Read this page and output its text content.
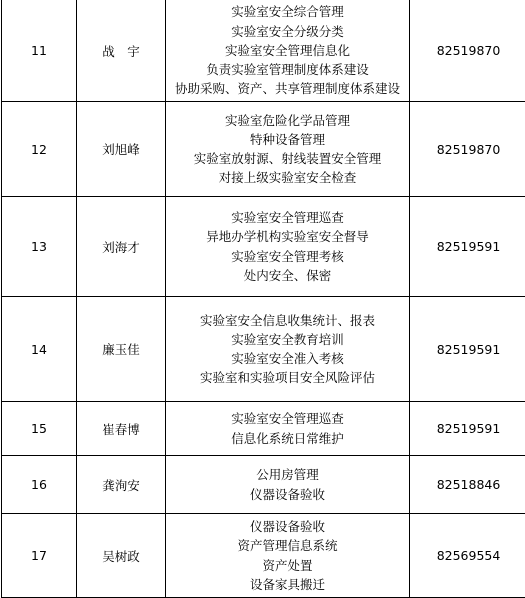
11	战　宇	实验室安全综合管理
实验室安全分级分类
实验室安全管理信息化
负责实验室管理制度体系建设
协助采购、资产、共享管理制度体系建设	82519870
12	刘旭峰	实验室危险化学品管理
特种设备管理
实验室放射源、射线装置安全管理
对接上级实验室安全检查	82519870
13	刘海才	实验室安全管理巡查
异地办学机构实验室安全督导
实验室安全管理考核
处内安全、保密	82519591
14	廉玉佳	实验室安全信息收集统计、报表
实验室安全教育培训
实验室安全准入考核
实验室和实验项目安全风险评估	82519591
15	崔春博	实验室安全管理巡查
信息化系统日常维护	82519591
16	龚洵安	公用房管理
仪器设备验收	82518846
17	吴树政	仪器设备验收
资产管理信息系统
资产处置
设备家具搬迁	82569554
